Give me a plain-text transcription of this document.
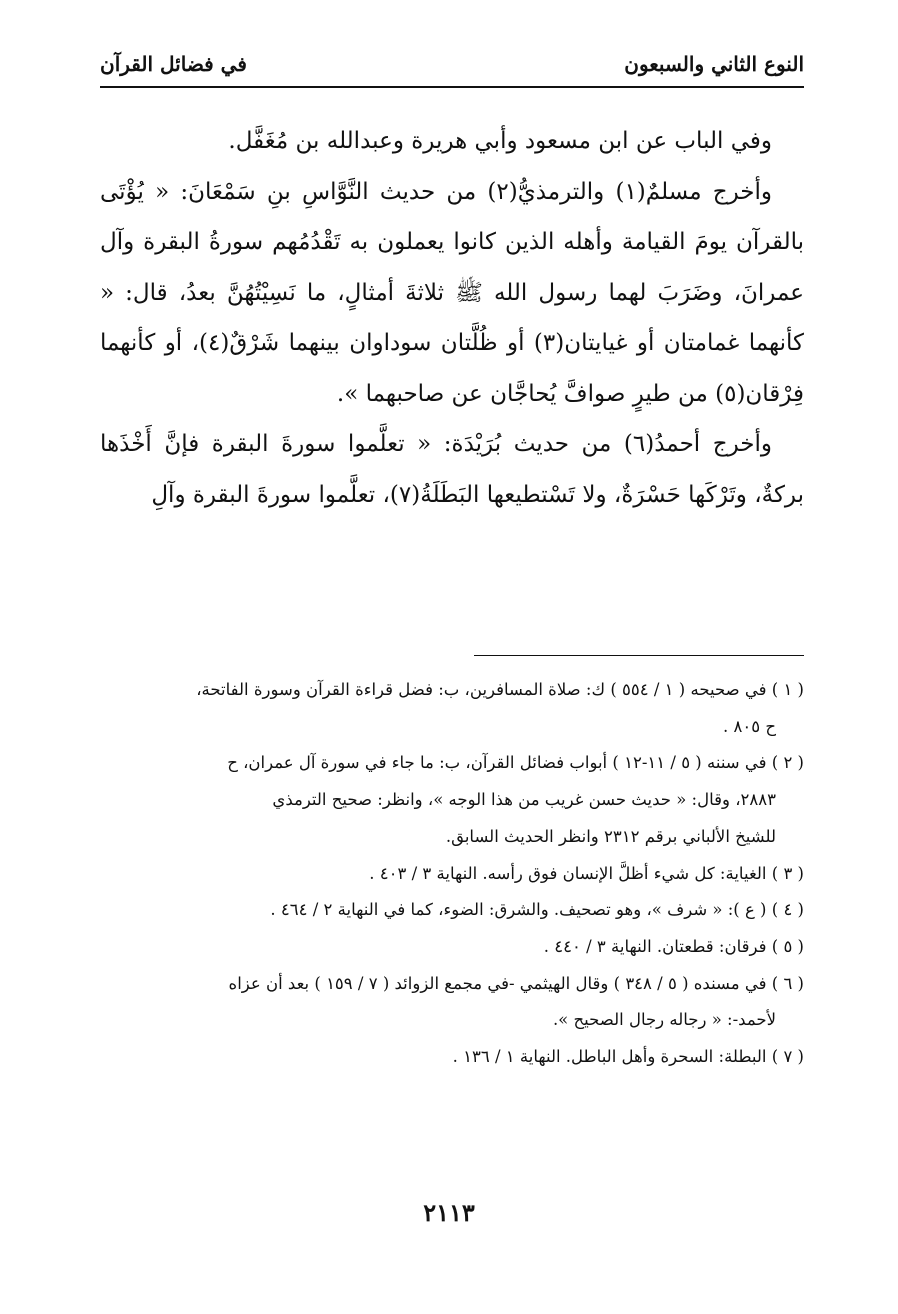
النوع الثاني والسبعون
في فضائل القرآن

وفي الباب عن ابن مسعود وأبي هريرة وعبدالله بن مُغَفَّل.

وأخرج مسلمٌ(١) والترمذيُّ(٢) من حديث النَّوَّاسِ بنِ سَمْعَانَ: « يُؤْتَى بالقرآن يومَ القيامة وأهله الذين كانوا يعملون به تَقْدُمُهم سورةُ البقرة وآل عمرانَ، وضَرَبَ لهما رسول الله ﷺ ثلاثةَ أمثالٍ، ما نَسِيْتُهُنَّ بعدُ، قال: « كأنهما غمامتان أو غيايتان(٣) أو ظُلَّتان سوداوان بينهما شَرْقٌ(٤)، أو كأنهما فِرْقان(٥) من طيرٍ صوافَّ يُحاجَّان عن صاحبهما ».

وأخرج أحمدُ(٦) من حديث بُرَيْدَة: « تعلَّموا سورةَ البقرة فإنَّ أَخْذَها بركةٌ، وتَرْكَها حَسْرَةٌ، ولا تَسْتطيعها البَطَلَةُ(٧)، تعلَّموا سورةَ البقرة وآلِ

( ١ ) في صحيحه ( ١ / ٥٥٤ ) ك: صلاة المسافرين، ب: فضل قراءة القرآن وسورة الفاتحة،

ح ٨٠٥ .

( ٢ ) في سننه ( ٥ / ١١-١٢ ) أبواب فضائل القرآن، ب: ما جاء في سورة آل عمران، ح

٢٨٨٣، وقال: « حديث حسن غريب من هذا الوجه »، وانظر: صحيح الترمذي

للشيخ الألباني برقم ٢٣١٢ وانظر الحديث السابق.

( ٣ ) الغياية: كل شيء أظلَّ الإنسان فوق رأسه. النهاية ٣ / ٤٠٣ .

( ٤ ) ( ع ): « شرف »، وهو تصحيف. والشرق: الضوء، كما في النهاية ٢ / ٤٦٤ .

( ٥ ) فرقان: قطعتان. النهاية ٣ / ٤٤٠ .

( ٦ ) في مسنده ( ٥ / ٣٤٨ ) وقال الهيثمي -في مجمع الزوائد ( ٧ / ١٥٩ ) بعد أن عزاه

لأحمد-: « رجاله رجال الصحيح ».

( ٧ ) البطلة: السحرة وأهل الباطل. النهاية ١ / ١٣٦ .

٢١١٣
